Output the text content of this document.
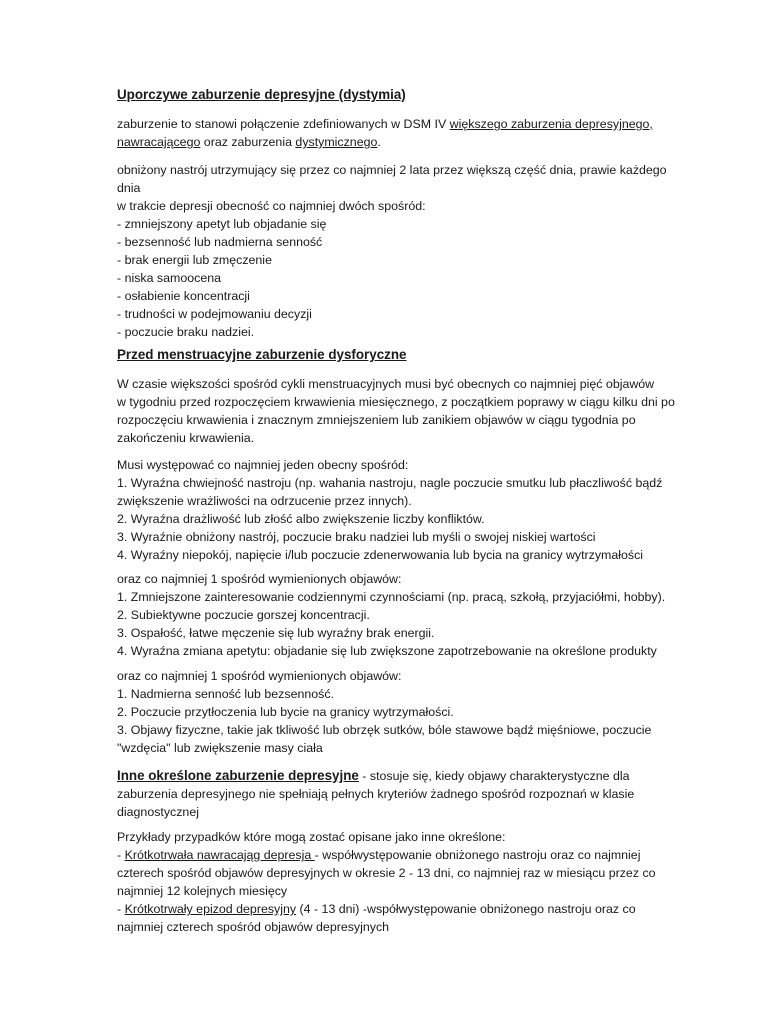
Uporczywe zaburzenie depresyjne (dystymia)
zaburzenie to stanowi połączenie zdefiniowanych w DSM IV większego zaburzenia depresyjnego,
nawracającego oraz zaburzenia dystymicznego.
obniżony nastrój utrzymujący się przez co najmniej 2 lata przez większą część dnia, prawie każdego
dnia
w trakcie depresji obecność co najmniej dwóch spośród:
- zmniejszony apetyt lub objadanie się
- bezsenność lub nadmierna senność
- brak energii lub zmęczenie
- niska samoocena
- osłabienie koncentracji
- trudności w podejmowaniu decyzji
- poczucie braku nadziei.
Przed menstruacyjne zaburzenie dysforyczne
W czasie większości spośród cykli menstruacyjnych musi być obecnych co najmniej pięć objawów
w tygodniu przed rozpoczęciem krwawienia miesięcznego, z początkiem poprawy w ciągu kilku dni po
rozpoczęciu krwawienia i znacznym zmniejszeniem lub zanikiem objawów w ciągu tygodnia po
zakończeniu krwawienia.
Musi występować co najmniej jeden obecny spośród:
1. Wyraźna chwiejność nastroju (np. wahania nastroju, nagle poczucie smutku lub płaczliwość bądź
zwiększenie wrażliwości na odrzucenie przez innych).
2. Wyraźna drażliwość lub złość albo zwiększenie liczby konfliktów.
3. Wyraźnie obniżony nastrój, poczucie braku nadziei lub myśli o swojej niskiej wartości
4. Wyraźny niepokój, napięcie i/lub poczucie zdenerwowania lub bycia na granicy wytrzymałości
oraz co najmniej 1 spośród wymienionych objawów:
1. Zmniejszone zainteresowanie codziennymi czynnościami (np. pracą, szkołą, przyjaciółmi, hobby).
2. Subiektywne poczucie gorszej koncentracji.
3. Ospałość, łatwe męczenie się lub wyraźny brak energii.
4. Wyraźna zmiana apetytu: objadanie się lub zwiększone zapotrzebowanie na określone produkty
oraz co najmniej 1 spośród wymienionych objawów:
1. Nadmierna senność lub bezsenność.
2. Poczucie przytłoczenia lub bycie na granicy wytrzymałości.
3. Objawy fizyczne, takie jak tkliwość lub obrzęk sutków, bóle stawowe bądź mięśniowe, poczucie
"wzdęcia" lub zwiększenie masy ciała
Inne określone zaburzenie depresyjne - stosuje się, kiedy objawy charakterystyczne dla
zaburzenia depresyjnego nie spełniają pełnych kryteriów żadnego spośród rozpoznań w klasie
diagnostycznej
Przykłady przypadków które mogą zostać opisane jako inne określone:
- Krótkotrwała nawracająg depresja - współwystępowanie obniżonego nastroju oraz co najmniej
czterech spośród objawów depresyjnych w okresie 2 - 13 dni, co najmniej raz w miesiącu przez co
najmniej 12 kolejnych miesięcy
- Krótkotrwały epizod depresyjny (4 - 13 dni) -współwystępowanie obniżonego nastroju oraz co
najmniej czterech spośród objawów depresyjnych
